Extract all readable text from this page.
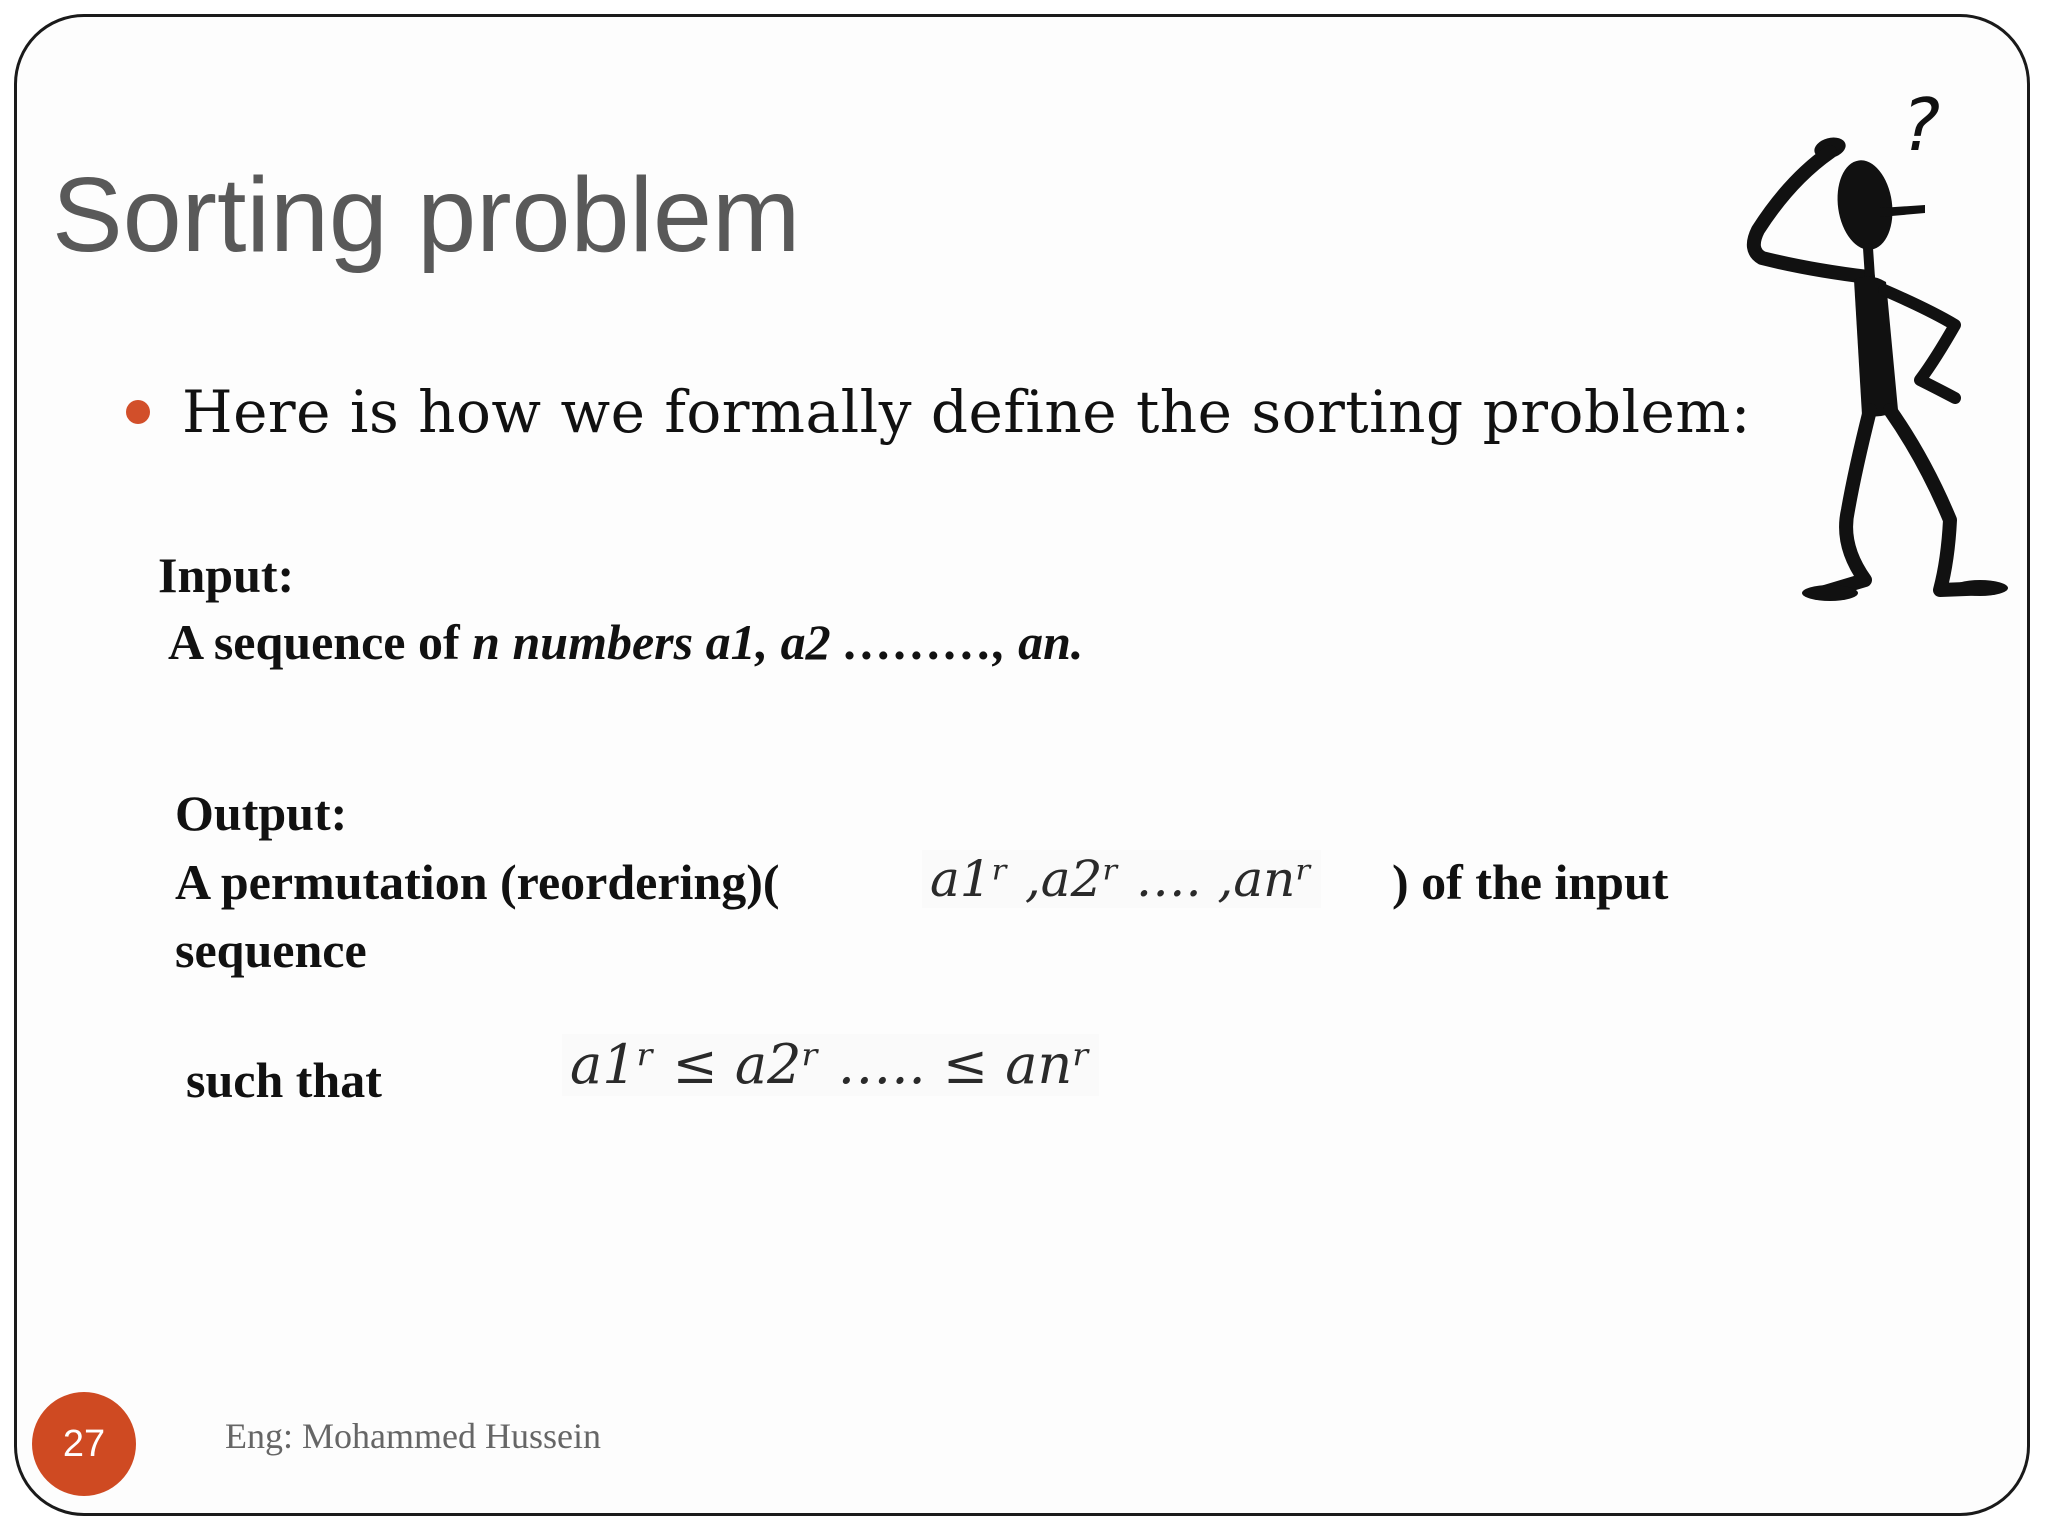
Sorting problem
Here is how we formally define the sorting problem:
Input:
A sequence of n numbers a1, a2 ………, an.
Output:
A permutation (reordering)(	a1ʳ ,a2ʳ …. ,anʳ ) of the input
sequence
such that	a1ʳ ≤ a2ʳ ….. ≤ anʳ
27	Eng: Mohammed Hussein
?
